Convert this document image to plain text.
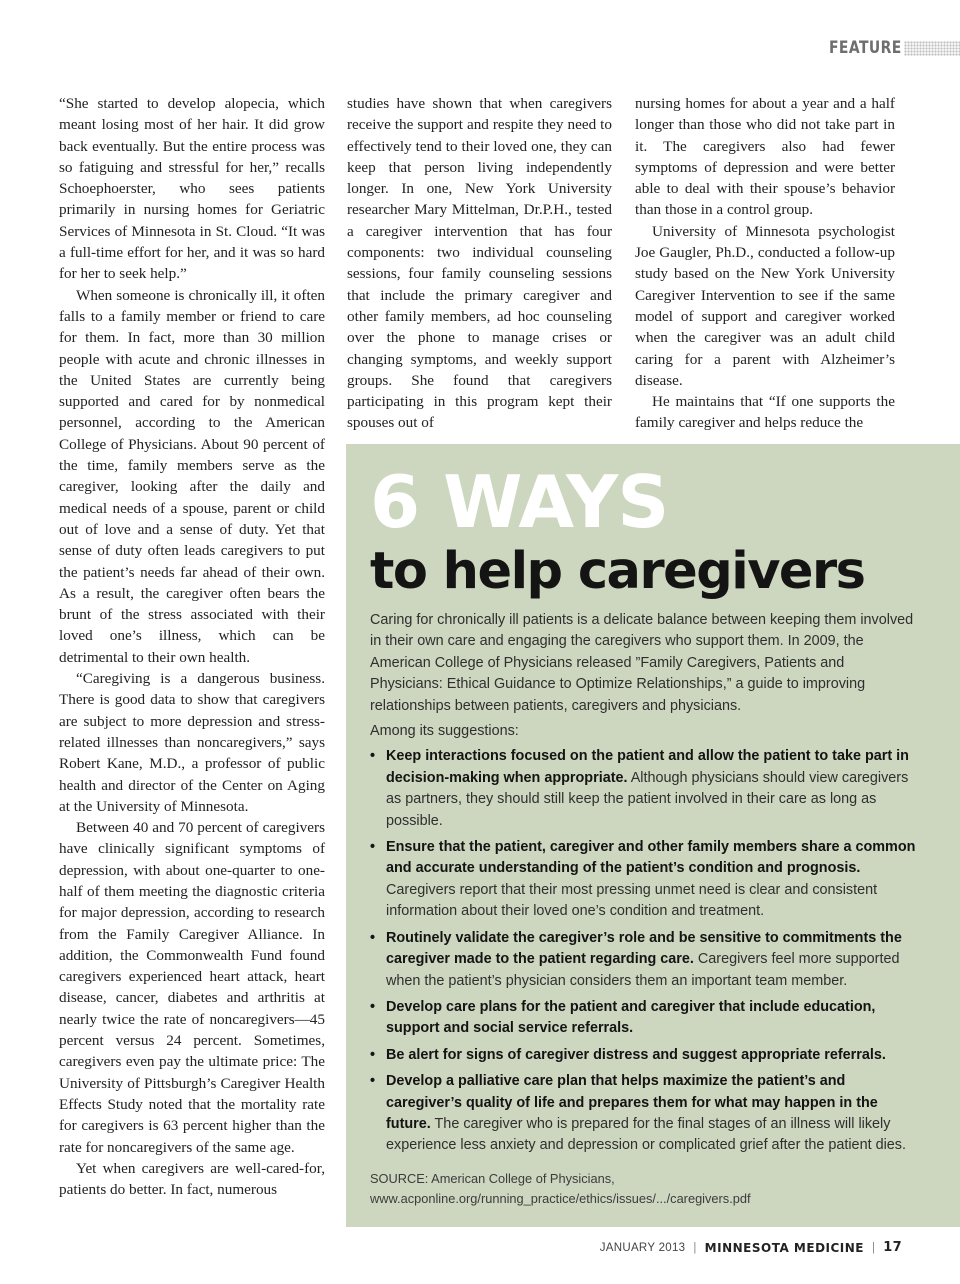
FEATURE

“She started to develop alopecia, which meant losing most of her hair. It did grow back eventually. But the entire process was so fatiguing and stressful for her,” recalls Schoephoerster, who sees patients primarily in nursing homes for Geriatric Services of Minnesota in St. Cloud. “It was a full-time effort for her, and it was so hard for her to seek help.”

When someone is chronically ill, it often falls to a family member or friend to care for them. In fact, more than 30 million people with acute and chronic illnesses in the United States are currently being supported and cared for by nonmedical personnel, according to the American College of Physicians. About 90 percent of the time, family members serve as the caregiver, looking after the daily and medical needs of a spouse, parent or child out of love and a sense of duty. Yet that sense of duty often leads caregivers to put the patient’s needs far ahead of their own. As a result, the caregiver often bears the brunt of the stress associated with their loved one’s illness, which can be detrimental to their own health.

“Caregiving is a dangerous business. There is good data to show that caregivers are subject to more depression and stress-related illnesses than noncaregivers,” says Robert Kane, M.D., a professor of public health and director of the Center on Aging at the University of Minnesota.

Between 40 and 70 percent of caregivers have clinically significant symptoms of depression, with about one-quarter to one-half of them meeting the diagnostic criteria for major depression, according to research from the Family Caregiver Alliance. In addition, the Commonwealth Fund found caregivers experienced heart attack, heart disease, cancer, diabetes and arthritis at nearly twice the rate of noncaregivers—45 percent versus 24 percent. Sometimes, caregivers even pay the ultimate price: The University of Pittsburgh’s Caregiver Health Effects Study noted that the mortality rate for caregivers is 63 percent higher than the rate for noncaregivers of the same age.

Yet when caregivers are well-cared-for, patients do better. In fact, numerous

studies have shown that when caregivers receive the support and respite they need to effectively tend to their loved one, they can keep that person living independently longer. In one, New York University researcher Mary Mittelman, Dr.P.H., tested a caregiver intervention that has four components: two individual counseling sessions, four family counseling sessions that include the primary caregiver and other family members, ad hoc counseling over the phone to manage crises or changing symptoms, and weekly support groups. She found that caregivers participating in this program kept their spouses out of

nursing homes for about a year and a half longer than those who did not take part in it. The caregivers also had fewer symptoms of depression and were better able to deal with their spouse’s behavior than those in a control group.

University of Minnesota psychologist Joe Gaugler, Ph.D., conducted a follow-up study based on the New York University Caregiver Intervention to see if the same model of support and caregiver worked when the caregiver was an adult child caring for a parent with Alzheimer’s disease.

He maintains that “If one supports the family caregiver and helps reduce the

6 WAYS
to help caregivers

Caring for chronically ill patients is a delicate balance between keeping them involved in their own care and engaging the caregivers who support them. In 2009, the American College of Physicians released ”Family Caregivers, Patients and Physicians: Ethical Guidance to Optimize Relationships,” a guide to improving relationships between patients, caregivers and physicians.

Among its suggestions:

• Keep interactions focused on the patient and allow the patient to take part in decision-making when appropriate. Although physicians should view caregivers as partners, they should still keep the patient involved in their care as long as possible.
• Ensure that the patient, caregiver and other family members share a common and accurate understanding of the patient’s condition and prognosis. Caregivers report that their most pressing unmet need is clear and consistent information about their loved one’s condition and treatment.
• Routinely validate the caregiver’s role and be sensitive to commitments the caregiver made to the patient regarding care. Caregivers feel more supported when the patient’s physician considers them an important team member.
• Develop care plans for the patient and caregiver that include education, support and social service referrals.
• Be alert for signs of caregiver distress and suggest appropriate referrals.
• Develop a palliative care plan that helps maximize the patient’s and caregiver’s quality of life and prepares them for what may happen in the future. The caregiver who is prepared for the final stages of an illness will likely experience less anxiety and depression or complicated grief after the patient dies.
SOURCE: American College of Physicians, www.acponline.org/running_practice/ethics/issues/.../caregivers.pdf
JANUARY 2013 | MINNESOTA MEDICINE | 17
